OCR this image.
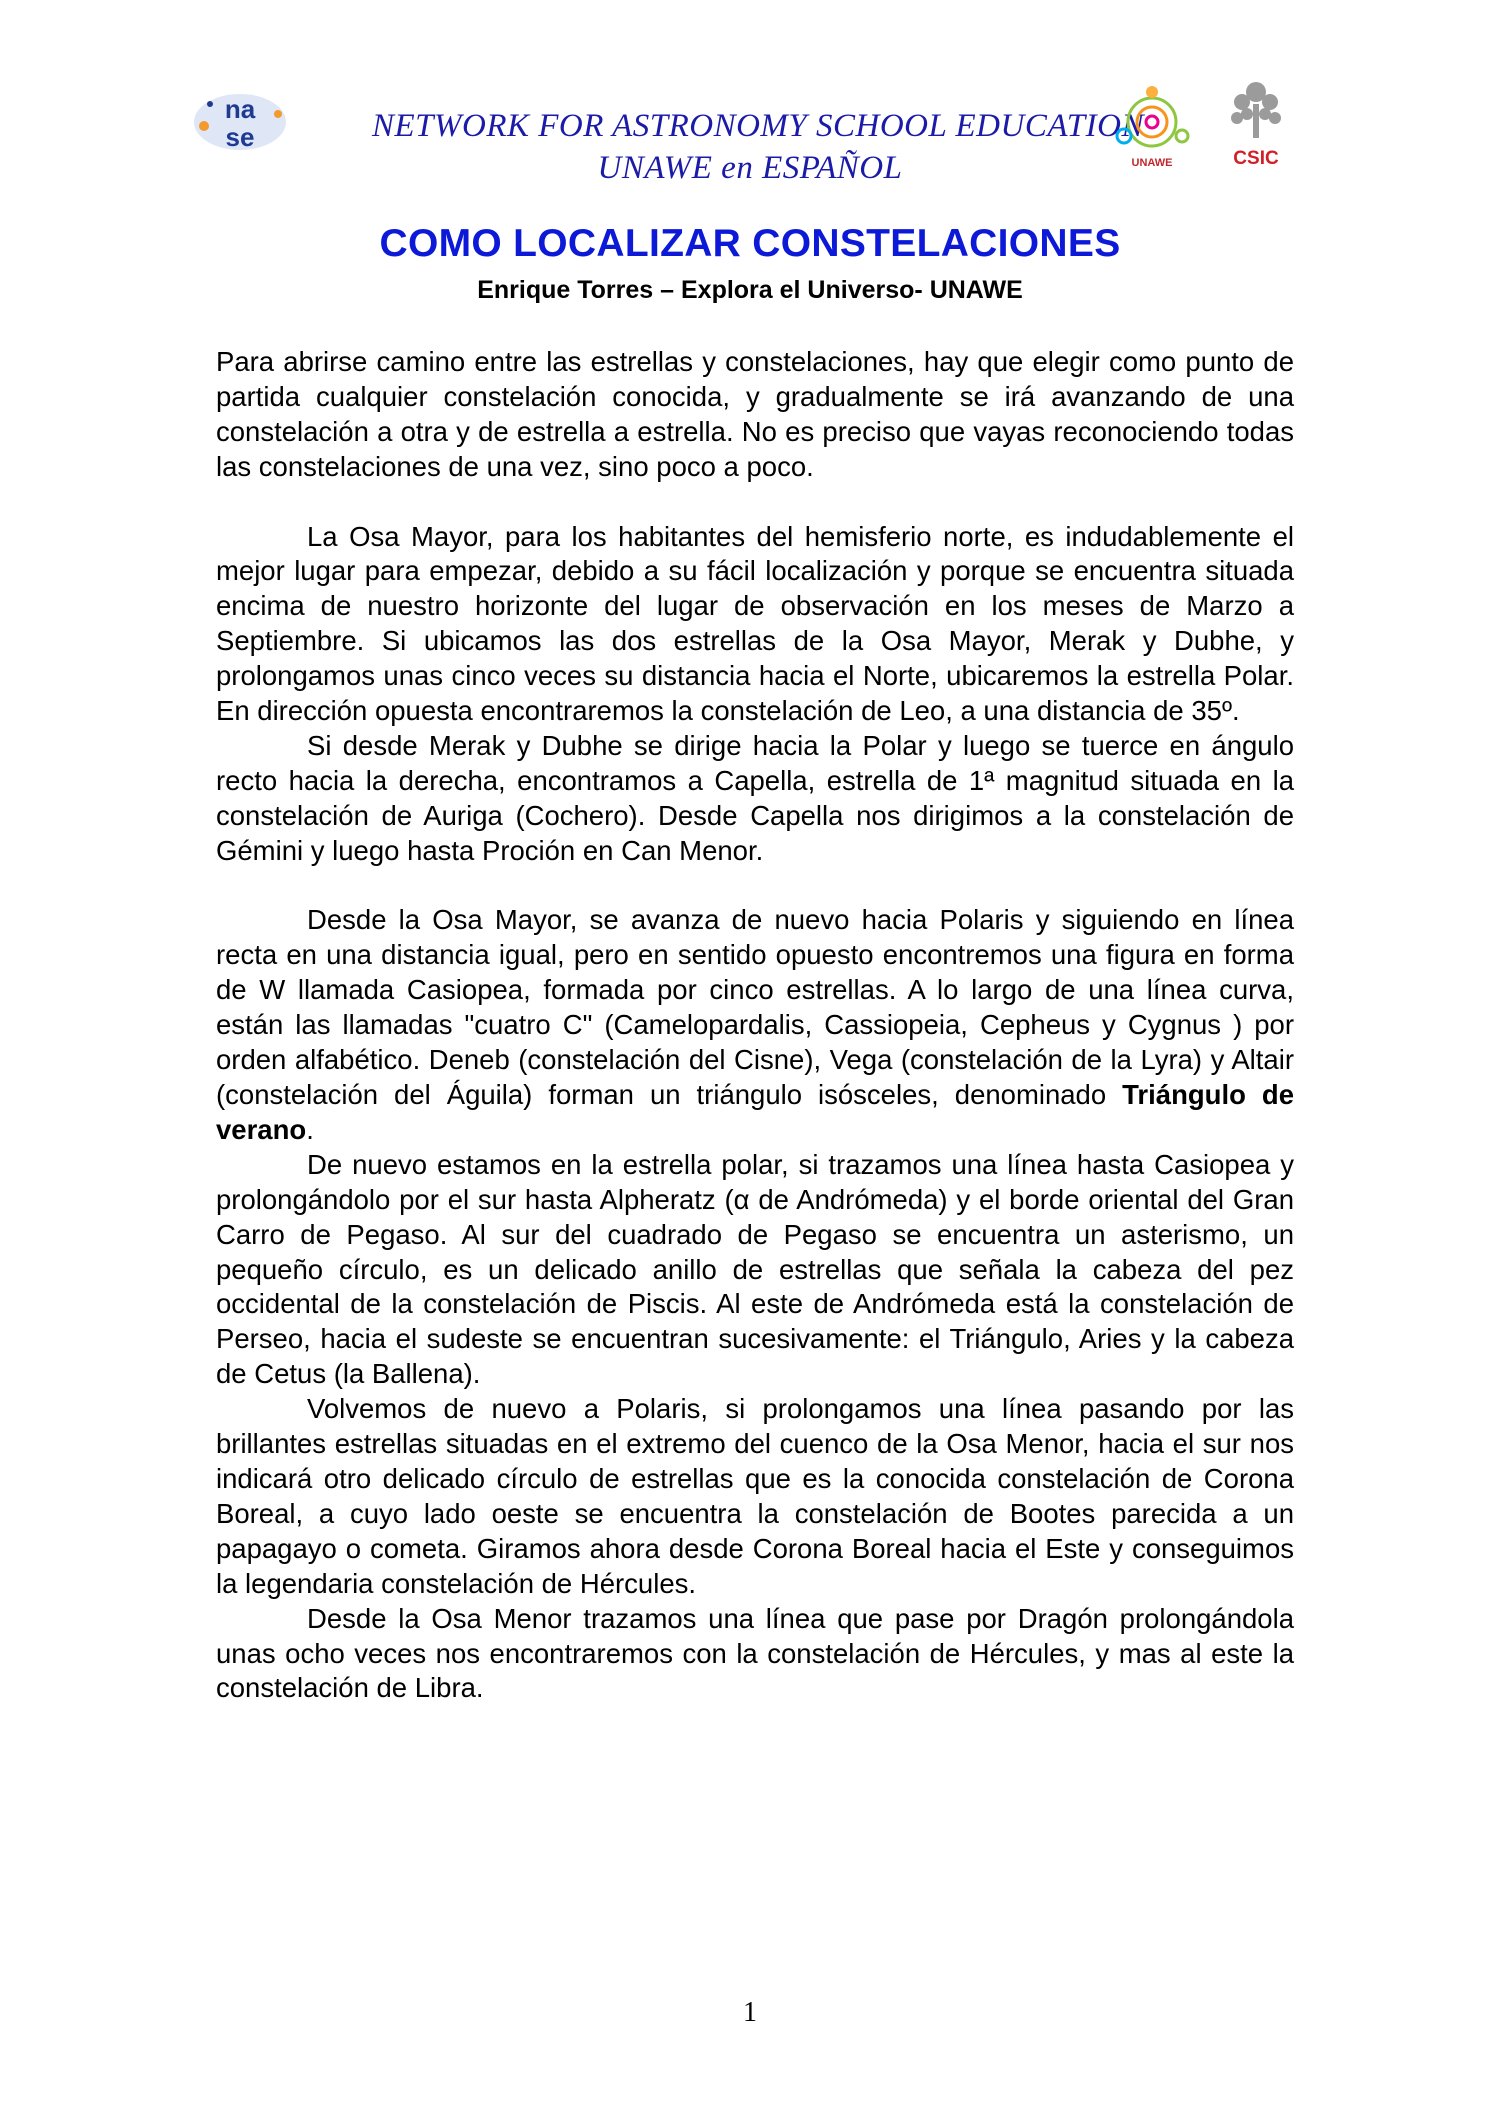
na
se	NETWORK FOR ASTRONOMY SCHOOL EDUCATION
UNAWE en ESPAÑOL	UNAWE	CSIC
COMO LOCALIZAR CONSTELACIONES
Enrique Torres – Explora el Universo- UNAWE

Para abrirse camino entre las estrellas y constelaciones, hay que elegir como punto de partida cualquier constelación conocida, y gradualmente se irá avanzando de una constelación a otra y de estrella a estrella. No es preciso que vayas reconociendo todas las constelaciones de una vez, sino poco a poco.

La Osa Mayor, para los habitantes del hemisferio norte, es indudablemente el mejor lugar para empezar, debido a su fácil localización y porque se encuentra situada encima de nuestro horizonte del lugar de observación en los meses de Marzo a Septiembre. Si ubicamos las dos estrellas de la Osa Mayor, Merak y Dubhe, y prolongamos unas cinco veces su distancia hacia el Norte, ubicaremos la estrella Polar. En dirección opuesta encontraremos la constelación de Leo, a una distancia de 35º.

Si desde Merak y Dubhe se dirige hacia la Polar y luego se tuerce en ángulo recto hacia la derecha, encontramos a Capella, estrella de 1ª magnitud situada en la constelación de Auriga (Cochero). Desde Capella nos dirigimos a la constelación de Gémini y luego hasta Proción en Can Menor.

Desde la Osa Mayor, se avanza de nuevo hacia Polaris y siguiendo en línea recta en una distancia igual, pero en sentido opuesto encontremos una figura en forma de W llamada Casiopea, formada por cinco estrellas. A lo largo de una línea curva, están las llamadas "cuatro C" (Camelopardalis, Cassiopeia, Cepheus y Cygnus ) por orden alfabético. Deneb (constelación del Cisne), Vega (constelación de la Lyra) y Altair (constelación del Águila) forman un triángulo isósceles, denominado Triángulo de verano.

De nuevo estamos en la estrella polar, si trazamos una línea hasta Casiopea y prolongándolo por el sur hasta Alpheratz (α de Andrómeda) y el borde oriental del Gran Carro de Pegaso. Al sur del cuadrado de Pegaso se encuentra un asterismo, un pequeño círculo, es un delicado anillo de estrellas que señala la cabeza del pez occidental de la constelación de Piscis. Al este de Andrómeda está la constelación de Perseo, hacia el sudeste se encuentran sucesivamente: el Triángulo, Aries y la cabeza de Cetus (la Ballena).

Volvemos de nuevo a Polaris, si prolongamos una línea pasando por las brillantes estrellas situadas en el extremo del cuenco de la Osa Menor, hacia el sur nos indicará otro delicado círculo de estrellas que es la conocida constelación de Corona Boreal, a cuyo lado oeste se encuentra la constelación de Bootes parecida a un papagayo o cometa. Giramos ahora desde Corona Boreal hacia el Este y conseguimos la legendaria constelación de Hércules.

Desde la Osa Menor trazamos una línea que pase por Dragón prolongándola unas ocho veces nos encontraremos con la constelación de Hércules, y mas al este la constelación de Libra.

1
